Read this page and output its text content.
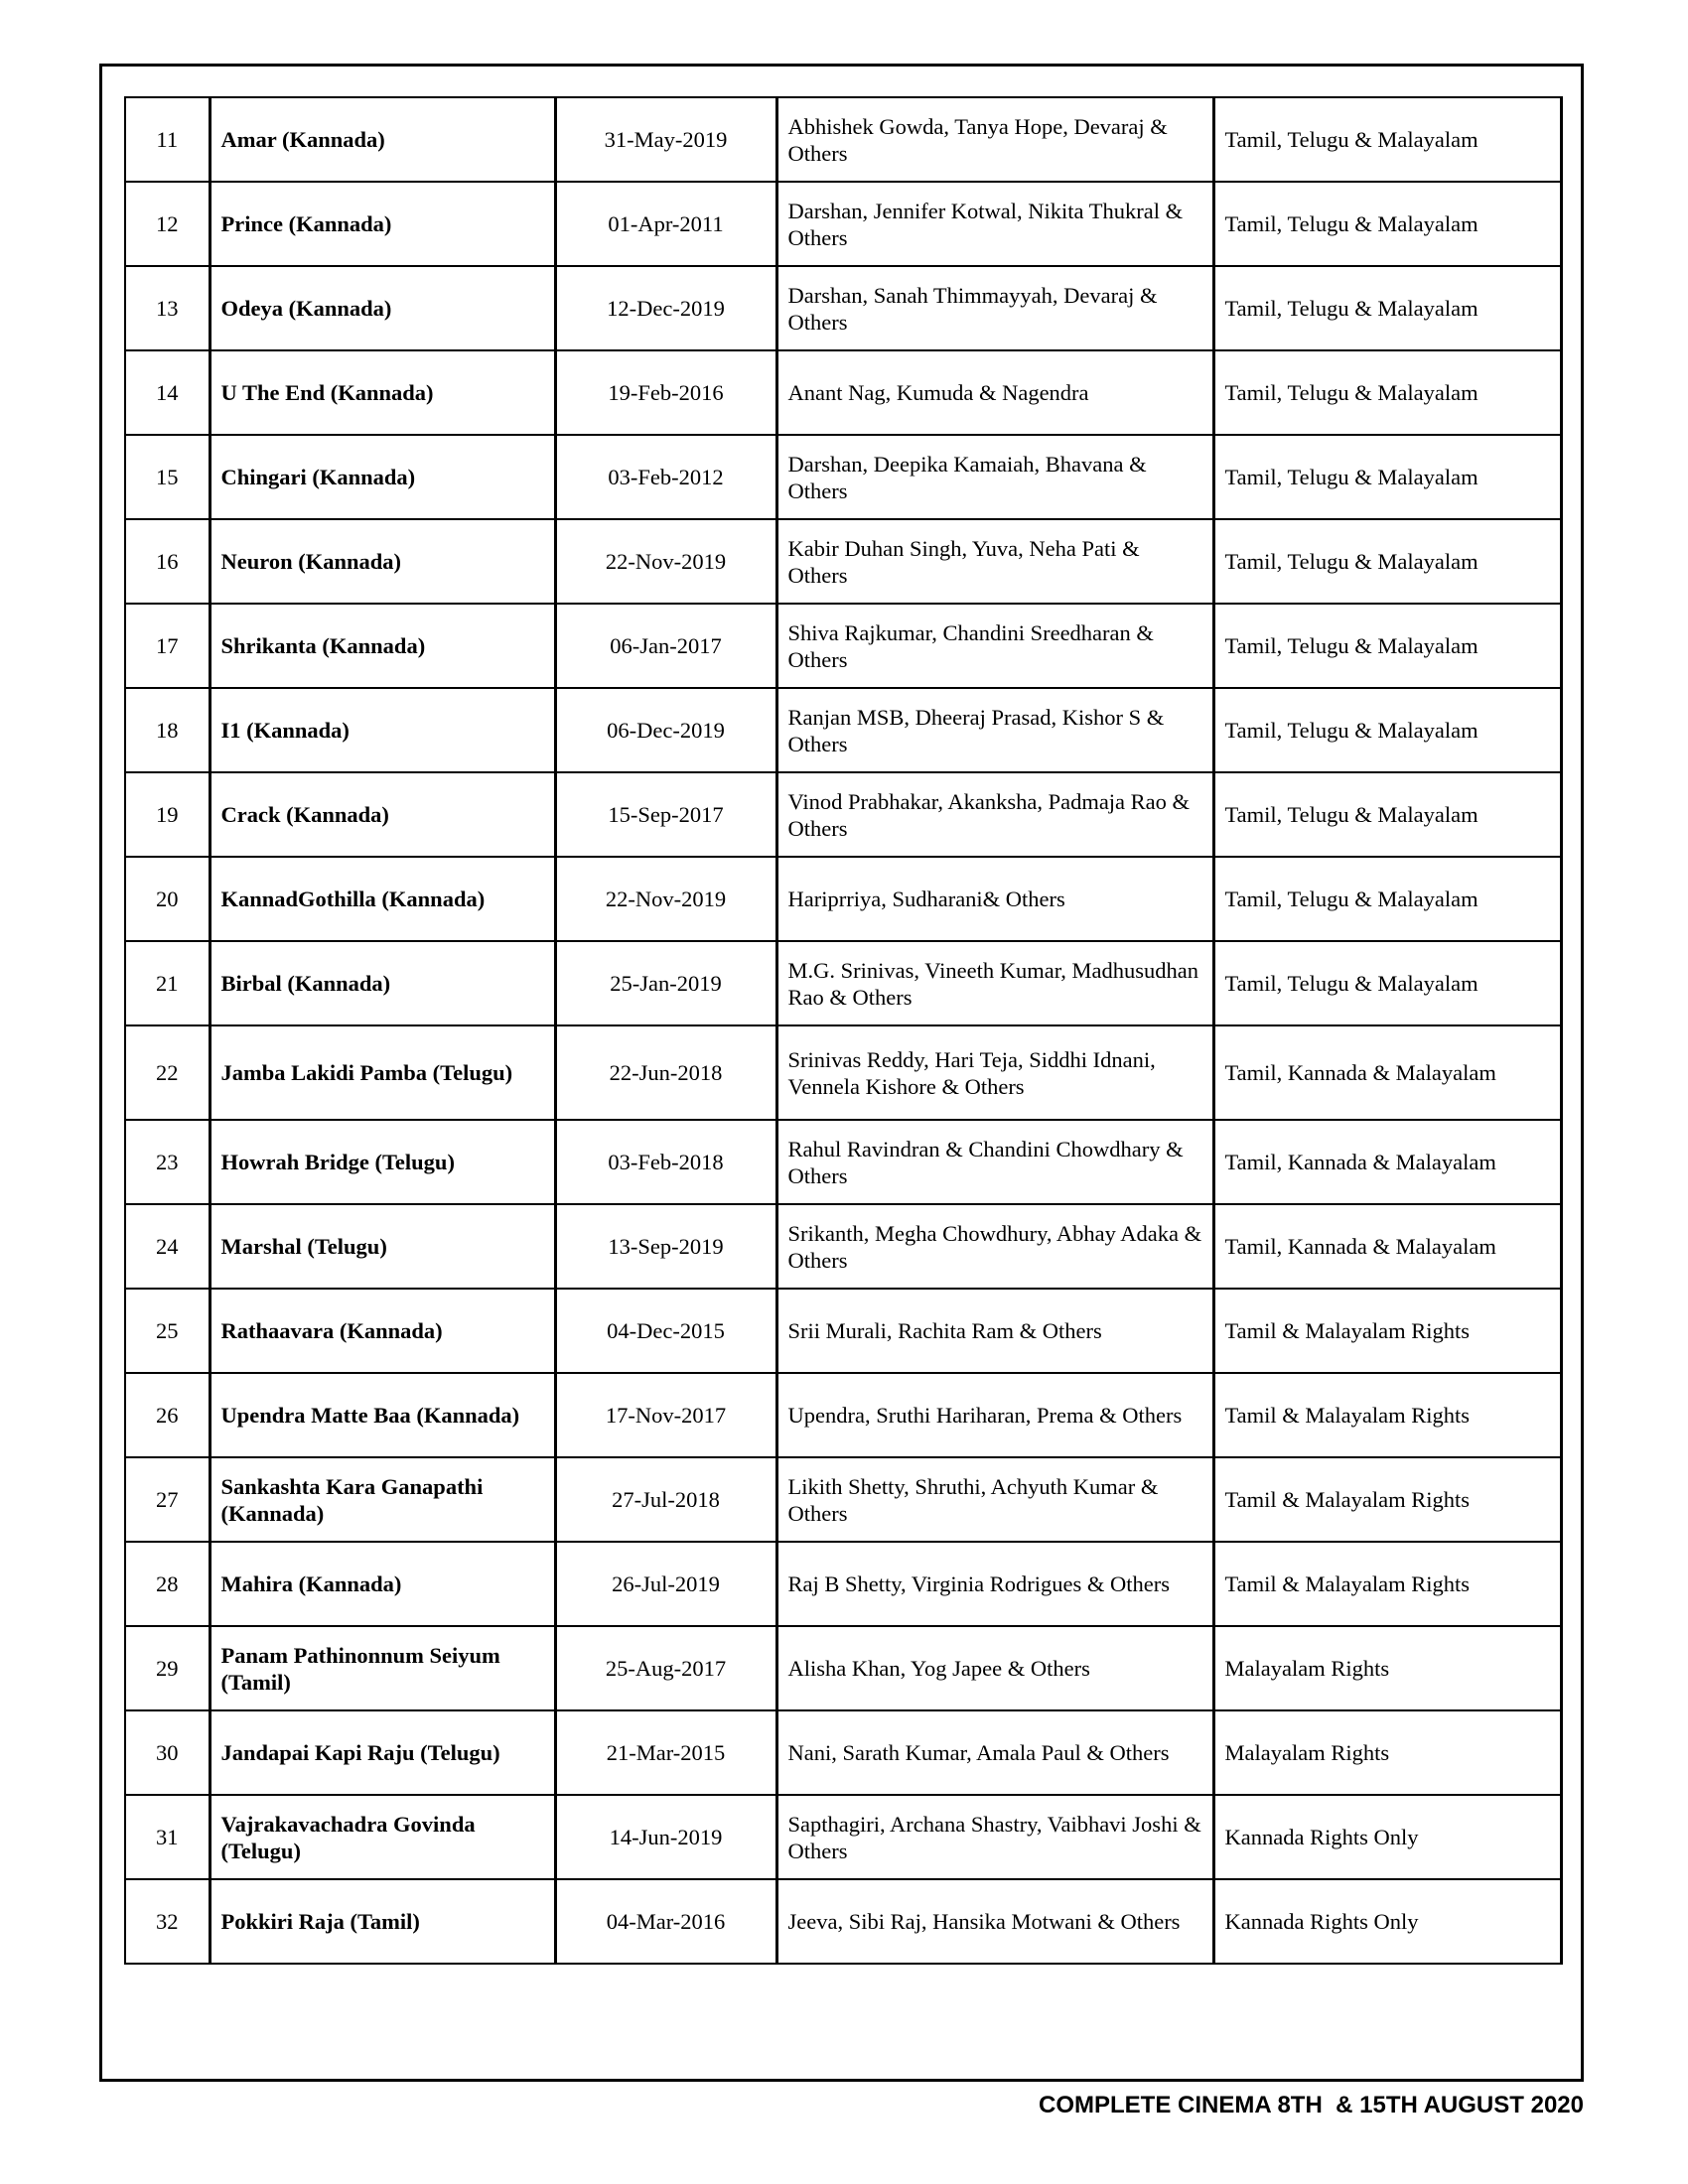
11	Amar (Kannada)	31-May-2019	Abhishek Gowda, Tanya Hope, Devaraj & Others	Tamil, Telugu & Malayalam
12	Prince (Kannada)	01-Apr-2011	Darshan, Jennifer Kotwal, Nikita Thukral & Others	Tamil, Telugu & Malayalam
13	Odeya (Kannada)	12-Dec-2019	Darshan, Sanah Thimmayyah, Devaraj & Others	Tamil, Telugu & Malayalam
14	U The End (Kannada)	19-Feb-2016	Anant Nag, Kumuda & Nagendra	Tamil, Telugu & Malayalam
15	Chingari (Kannada)	03-Feb-2012	Darshan, Deepika Kamaiah, Bhavana & Others	Tamil, Telugu & Malayalam
16	Neuron (Kannada)	22-Nov-2019	Kabir Duhan Singh, Yuva, Neha Pati & Others	Tamil, Telugu & Malayalam
17	Shrikanta (Kannada)	06-Jan-2017	Shiva Rajkumar, Chandini Sreedharan & Others	Tamil, Telugu & Malayalam
18	I1 (Kannada)	06-Dec-2019	Ranjan MSB, Dheeraj Prasad, Kishor S & Others	Tamil, Telugu & Malayalam
19	Crack (Kannada)	15-Sep-2017	Vinod Prabhakar, Akanksha, Padmaja Rao & Others	Tamil, Telugu & Malayalam
20	KannadGothilla (Kannada)	22-Nov-2019	Hariprriya, Sudharani& Others	Tamil, Telugu & Malayalam
21	Birbal (Kannada)	25-Jan-2019	M.G. Srinivas, Vineeth Kumar, Madhusudhan Rao & Others	Tamil, Telugu & Malayalam
22	Jamba Lakidi Pamba (Telugu)	22-Jun-2018	Srinivas Reddy, Hari Teja, Siddhi Idnani, Vennela Kishore & Others	Tamil, Kannada & Malayalam
23	Howrah Bridge (Telugu)	03-Feb-2018	Rahul Ravindran & Chandini Chowdhary & Others	Tamil, Kannada & Malayalam
24	Marshal (Telugu)	13-Sep-2019	Srikanth, Megha Chowdhury, Abhay Adaka & Others	Tamil, Kannada & Malayalam
25	Rathaavara (Kannada)	04-Dec-2015	Srii Murali, Rachita Ram & Others	Tamil & Malayalam Rights
26	Upendra Matte Baa (Kannada)	17-Nov-2017	Upendra, Sruthi Hariharan, Prema & Others	Tamil & Malayalam Rights
27	Sankashta Kara Ganapathi (Kannada)	27-Jul-2018	Likith Shetty, Shruthi, Achyuth Kumar & Others	Tamil & Malayalam Rights
28	Mahira (Kannada)	26-Jul-2019	Raj B Shetty, Virginia Rodrigues & Others	Tamil & Malayalam Rights
29	Panam Pathinonnum Seiyum (Tamil)	25-Aug-2017	Alisha Khan, Yog Japee & Others	Malayalam Rights
30	Jandapai Kapi Raju (Telugu)	21-Mar-2015	Nani, Sarath Kumar, Amala Paul & Others	Malayalam Rights
31	Vajrakavachadra Govinda (Telugu)	14-Jun-2019	Sapthagiri, Archana Shastry, Vaibhavi Joshi & Others	Kannada Rights Only
32	Pokkiri Raja (Tamil)	04-Mar-2016	Jeeva, Sibi Raj, Hansika Motwani & Others	Kannada Rights Only
COMPLETE CINEMA 8TH  & 15TH AUGUST 2020
